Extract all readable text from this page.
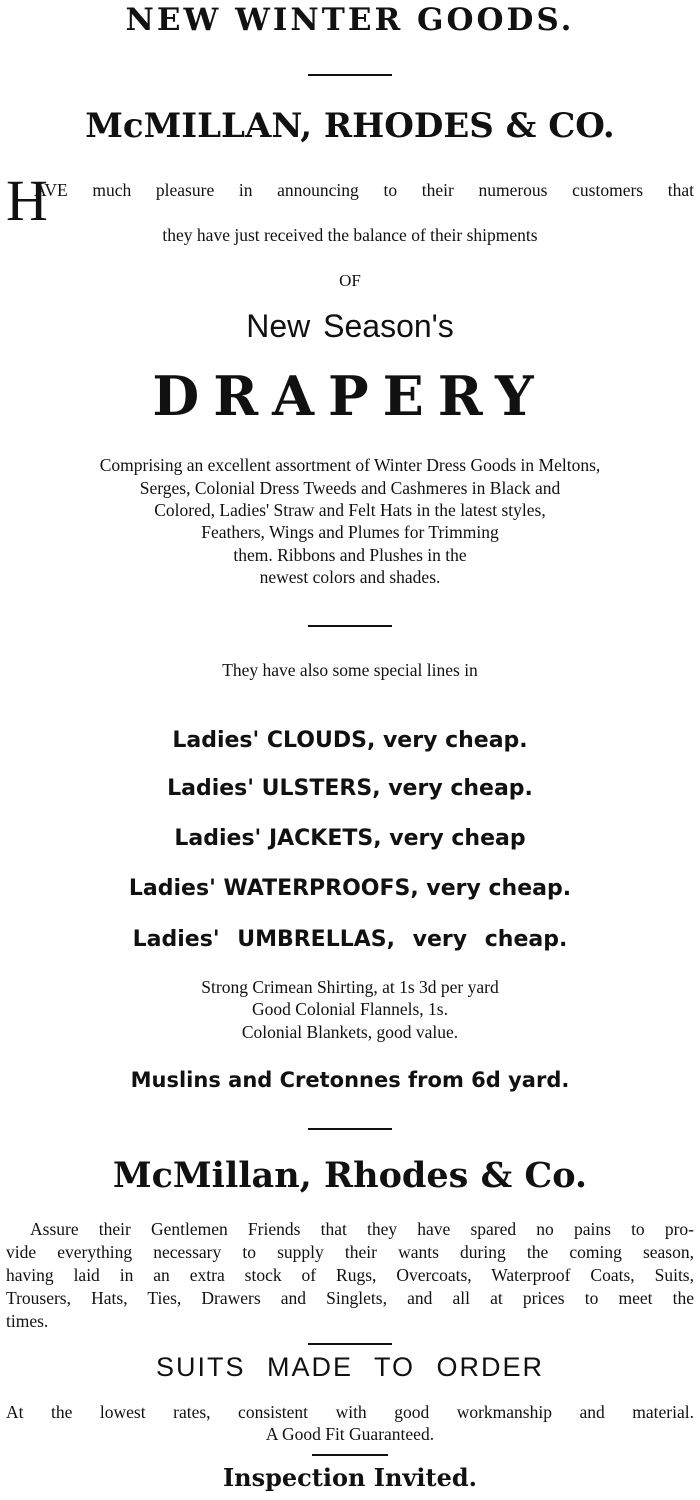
NEW WINTER GOODS.
McMILLAN, RHODES & CO.
H
AVE much pleasure in announcing to their numerous customers that
they have just received the balance of their shipments
OF
New Season's
DRAPERY
Comprising an excellent assortment of Winter Dress Goods in Meltons,
Serges, Colonial Dress Tweeds and Cashmeres in Black and
Colored, Ladies' Straw and Felt Hats in the latest styles,
Feathers, Wings and Plumes for Trimming
them. Ribbons and Plushes in the
newest colors and shades.
They have also some special lines in
Ladies' CLOUDS, very cheap.
Ladies' ULSTERS, very cheap.
Ladies' JACKETS, very cheap
Ladies' WATERPROOFS, very cheap.
Ladies' UMBRELLAS, very cheap.
Strong Crimean Shirting, at 1s 3d per yard
Good Colonial Flannels, 1s.
Colonial Blankets, good value.
Muslins and Cretonnes from 6d yard.
McMillan, Rhodes & Co.
Assure their Gentlemen Friends that they have spared no pains to pro-
vide everything necessary to supply their wants during the coming season,
having laid in an extra stock of Rugs, Overcoats, Waterproof Coats, Suits,
Trousers, Hats, Ties, Drawers and Singlets, and all at prices to meet the
times.
SUITS MADE TO ORDER
At the lowest rates, consistent with good workmanship and material.
A Good Fit Guaranteed.
Inspection Invited.
